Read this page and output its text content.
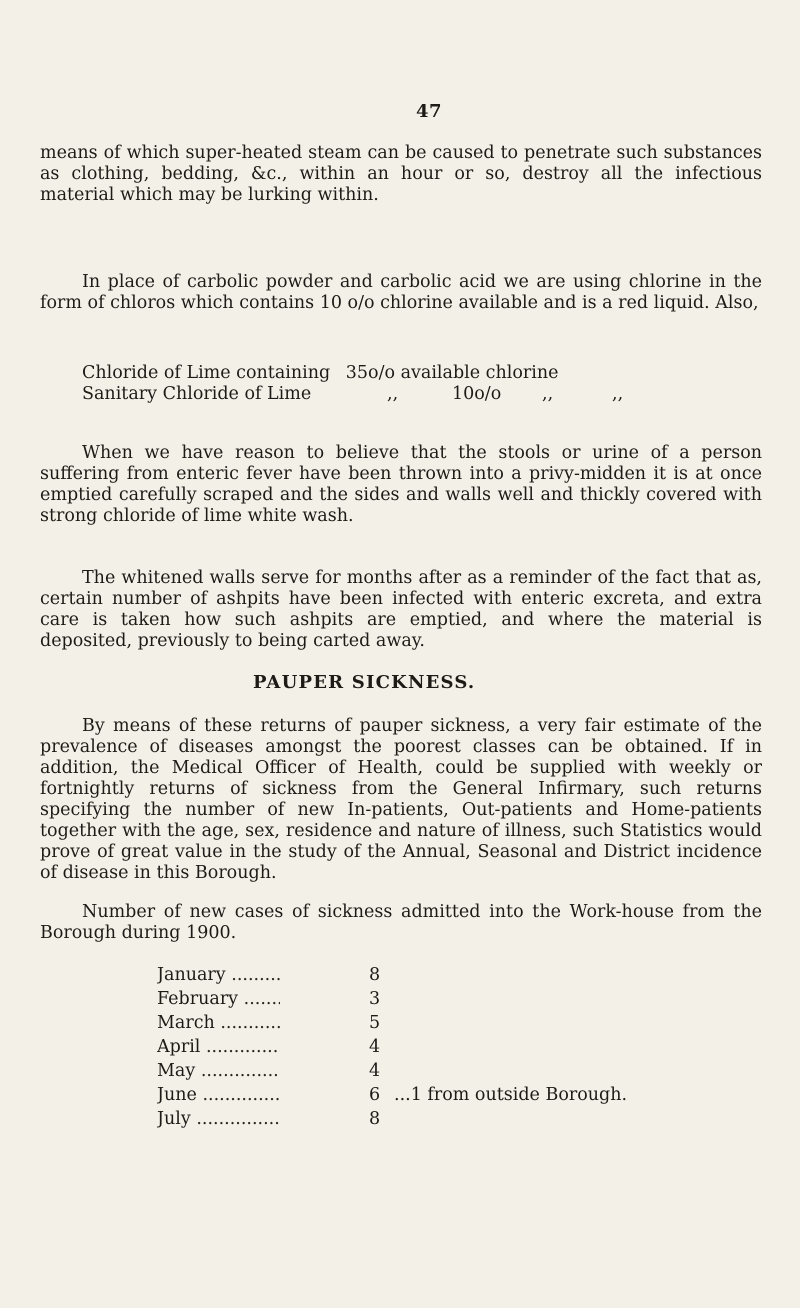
47

means of which super-heated steam can be caused to penetrate such substances as clothing, bedding, &c., within an hour or so, destroy all the infectious material which may be lurking within.

In place of carbolic powder and carbolic acid we are using chlorine in the form of chloros which contains 10 o/o chlorine available and is a red liquid. Also,

Chloride of Lime containing 35o/o available chlorine
Sanitary Chloride of Lime	,,	10o/o ,,	,,

When we have reason to believe that the stools or urine of a person suffering from enteric fever have been thrown into a privy-midden it is at once emptied carefully scraped and the sides and walls well and thickly covered with strong chloride of lime white wash.

The whitened walls serve for months after as a reminder of the fact that as, certain number of ashpits have been infected with enteric excreta, and extra care is taken how such ashpits are emptied, and where the material is deposited, previously to being carted away.

PAUPER SICKNESS.

By means of these returns of pauper sickness, a very fair estimate of the prevalence of diseases amongst the poorest classes can be obtained. If in addition, the Medical Officer of Health, could be supplied with weekly or fortnightly returns of sickness from the General Infirmary, such returns specifying the number of new In-patients, Out-patients and Home-patients together with the age, sex, residence and nature of illness, such Statistics would prove of great value in the study of the Annual, Seasonal and District incidence of disease in this Borough.

Number of new cases of sickness admitted into the Work-house from the Borough during 1900.

January .....	8
February .....	3
March .....	5
April .....	4
May .....	4
June .....	6 ...1 from outside Borough.
July .....	8
